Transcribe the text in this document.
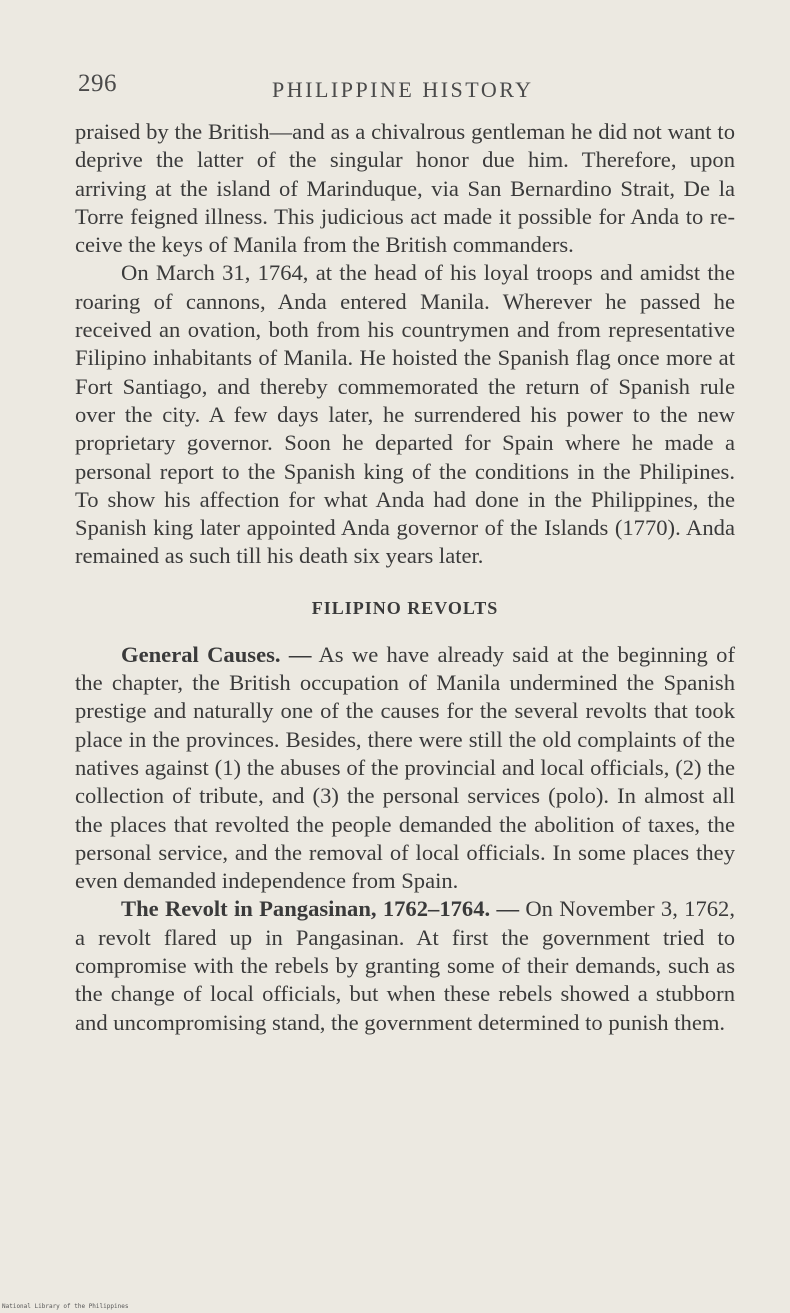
296	PHILIPPINE HISTORY

praised by the British—and as a chivalrous gentleman he did not want to deprive the latter of the singular honor due him. Therefore, upon arriving at the island of Marinduque, via San Bernardino Strait, De la Torre feigned illness. This judicious act made it possible for Anda to receive the keys of Manila from the British commanders.

On March 31, 1764, at the head of his loyal troops and amidst the roaring of cannons, Anda entered Manila. Wherever he passed he received an ovation, both from his countrymen and from representative Filipino inhabitants of Manila. He hoisted the Spanish flag once more at Fort Santiago, and thereby commemorated the return of Spanish rule over the city. A few days later, he surrendered his power to the new proprietary governor. Soon he departed for Spain where he made a personal report to the Spanish king of the conditions in the Philipines. To show his affection for what Anda had done in the Philippines, the Spanish king later appointed Anda governor of the Islands (1770). Anda remained as such till his death six years later.

FILIPINO REVOLTS

General Causes. — As we have already said at the beginning of the chapter, the British occupation of Manila undermined the Spanish prestige and naturally one of the causes for the several revolts that took place in the provinces. Besides, there were still the old complaints of the natives against (1) the abuses of the provincial and local officials, (2) the collection of tribute, and (3) the personal services (polo). In almost all the places that revolted the people demanded the abolition of taxes, the personal service, and the removal of local officials. In some places they even demanded independence from Spain.

The Revolt in Pangasinan, 1762–1764. — On November 3, 1762, a revolt flared up in Pangasinan. At first the government tried to compromise with the rebels by granting some of their demands, such as the change of local officials, but when these rebels showed a stubborn and uncompromising stand, the government determined to punish them.

National Library of the Philippines
